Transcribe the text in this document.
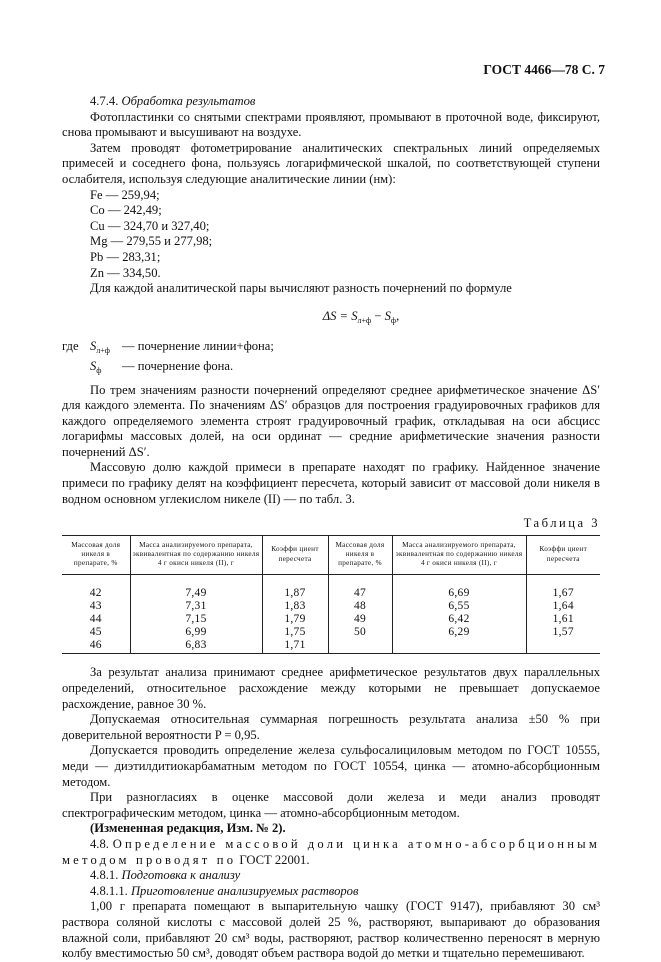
ГОСТ 4466—78 С. 7

4.7.4. Обработка результатов

Фотопластинки со снятыми спектрами проявляют, промывают в проточной воде, фиксируют, снова промывают и высушивают на воздухе.

Затем проводят фотометрирование аналитических спектральных линий определяемых примесей и соседнего фона, пользуясь логарифмической шкалой, по соответствующей ступени ослабителя, используя следующие аналитические линии (нм):

Fe — 259,94;
Co — 242,49;
Cu — 324,70 и 327,40;
Mg — 279,55 и 277,98;
Pb — 283,31;
Zn — 334,50.

Для каждой аналитической пары вычисляют разность почернений по формуле

$\Delta S = S_{л+ф} - S_ф$,
где $S_{л+ф}$ — почернение линии+фона;
$S_ф$	— почернение фона.

По трем значениям разности почернений определяют среднее арифметическое значение ΔS′ для каждого элемента. По значениям ΔS′ образцов для построения градуировочных графиков для каждого определяемого элемента строят градуировочный график, откладывая на оси абсцисс логарифмы массовых долей, на оси ординат — средние арифметические значения разности почернений ΔS′.

Массовую долю каждой примеси в препарате находят по графику. Найденное значение примеси по графику делят на коэффициент пересчета, который зависит от массовой доли никеля в водном основном углекислом никеле (II) — по табл. 3.

Таблица 3
Массовая доля никеля в препарате, %	Масса анализируемого препарата, эквивалентная по содержанию никеля 4 г окиси никеля (II), г	Коэффи циент пересчета	Массовая доля никеля в препарате, %	Масса анализируемого препарата, эквивалентная по содержанию никеля 4 г окиси никеля (II), г	Коэффи циент пересчета
42	7,49	1,87	47	6,69	1,67
43	7,31	1,83	48	6,55	1,64
44	7,15	1,79	49	6,42	1,61
45	6,99	1,75	50	6,29	1,57
46	6,83	1,71			

За результат анализа принимают среднее арифметическое результатов двух параллельных определений, относительное расхождение между которыми не превышает допускаемое расхождение, равное 30 %.

Допускаемая относительная суммарная погрешность результата анализа ±50 % при доверительной вероятности P = 0,95.

Допускается проводить определение железа сульфосалициловым методом по ГОСТ 10555, меди — диэтилдитиокарбаматным методом по ГОСТ 10554, цинка — атомно-абсорбционным методом.

При разногласиях в оценке массовой доли железа и меди анализ проводят спектрографическим методом, цинка — атомно-абсорбционным методом.

(Измененная редакция, Изм. № 2).

4.8. Определение массовой доли цинка атомно-абсорбционным методом проводят по ГОСТ 22001.

4.8.1. Подготовка к анализу

4.8.1.1. Приготовление анализируемых растворов

1,00 г препарата помещают в выпарительную чашку (ГОСТ 9147), прибавляют 30 см³ раствора соляной кислоты с массовой долей 25 %, растворяют, выпаривают до образования влажной соли, прибавляют 20 см³ воды, растворяют, раствор количественно переносят в мерную колбу вместимостью 50 см³, доводят объем раствора водой до метки и тщательно перемешивают.
